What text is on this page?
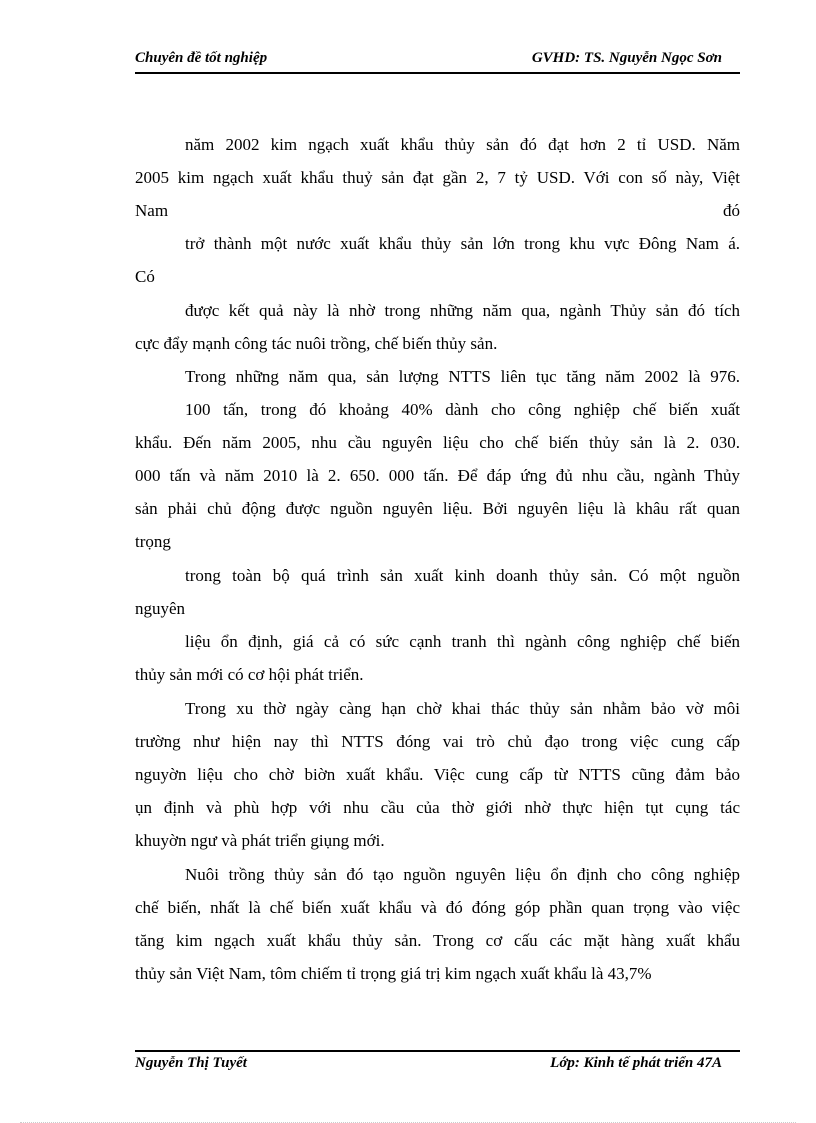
Chuyên đề tốt nghiệp	GVHD: TS. Nguyễn Ngọc Sơn
năm 2002 kim ngạch xuất khẩu thủy sản đó đạt hơn 2 tỉ USD. Năm
2005 kim ngạch xuất khẩu thuỷ sản đạt gần 2, 7 tỷ USD. Với con số này, Việt
Nam	đó
trở thành một nước xuất khẩu thủy sản lớn trong khu vực Đông Nam á.
Có
được kết quả này là nhờ trong những năm qua, ngành Thủy sản đó tích
cực đẩy mạnh công tác nuôi trồng, chế biến thủy sản.
Trong những năm qua, sản lượng NTTS liên tục tăng năm 2002 là 976.
100 tấn, trong đó khoảng 40% dành cho công nghiệp chế biến xuất
khẩu. Đến năm 2005, nhu cầu nguyên liệu cho chế biến thủy sản là 2. 030.
000 tấn và năm 2010 là 2. 650. 000 tấn. Để đáp ứng đủ nhu cầu, ngành Thủy
sản phải chủ động được nguồn nguyên liệu. Bởi nguyên liệu là khâu rất quan
trọng
trong toàn bộ quá trình sản xuất kinh doanh thủy sản. Có một nguồn
nguyên
liệu ổn định, giá cả có sức cạnh tranh thì ngành công nghiệp chế biến
thủy sản mới có cơ hội phát triển.
Trong xu thờ ngày càng hạn chờ khai thác thủy sản nhằm bảo vờ môi
trường như hiện nay thì NTTS đóng vai trò chủ đạo trong việc cung cấp
nguyờn liệu cho chờ biờn xuất khẩu. Việc cung cấp từ NTTS cũng đảm bảo
ụn định và phù hợp với nhu cầu của thờ giới nhờ thực hiện tụt cụng tác
khuyờn ngư và phát triển giụng mới.
Nuôi trồng thủy sản đó tạo nguồn nguyên liệu ổn định cho công nghiệp
chế biến, nhất là chế biến xuất khẩu và đó đóng góp phần quan trọng vào việc
tăng kim ngạch xuất khẩu thủy sản. Trong cơ cấu các mặt hàng xuất khẩu
thủy sản Việt Nam, tôm chiếm tỉ trọng giá trị kim ngạch xuất khẩu là 43,7%
Nguyễn Thị Tuyết	Lớp: Kinh tế phát triển 47A
